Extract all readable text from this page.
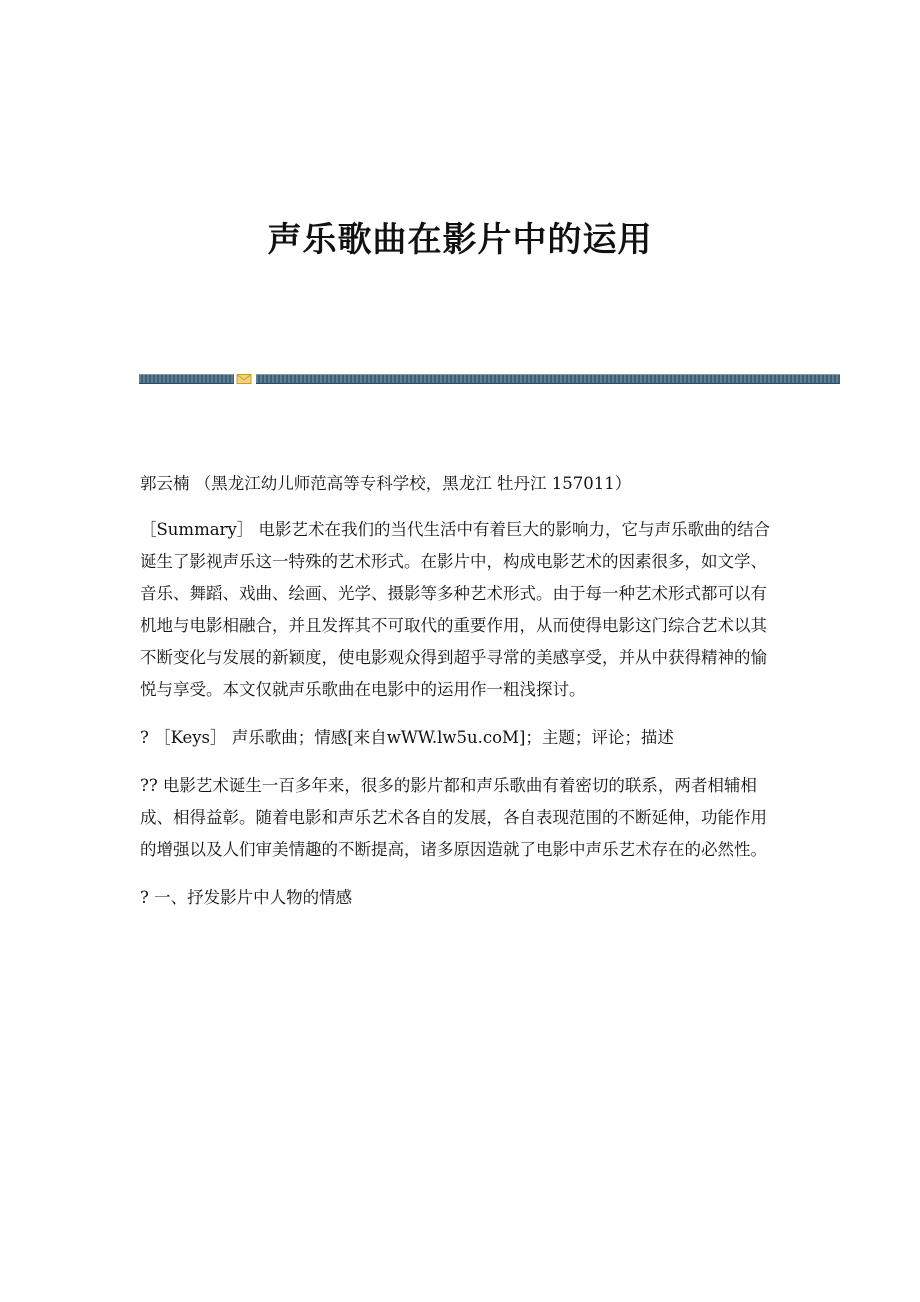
声乐歌曲在影片中的运用

郭云楠 （黑龙江幼儿师范高等专科学校，黑龙江 牡丹江 157011）

［Summary］ 电影艺术在我们的当代生活中有着巨大的影响力，它与声乐歌曲的结合诞生了影视声乐这一特殊的艺术形式。在影片中，构成电影艺术的因素很多，如文学、音乐、舞蹈、戏曲、绘画、光学、摄影等多种艺术形式。由于每一种艺术形式都可以有机地与电影相融合，并且发挥其不可取代的重要作用，从而使得电影这门综合艺术以其不断变化与发展的新颖度，使电影观众得到超乎寻常的美感享受，并从中获得精神的愉悦与享受。本文仅就声乐歌曲在电影中的运用作一粗浅探讨。

? ［Keys］ 声乐歌曲；情感[来自wWW.lw5u.coM]；主题；评论；描述

?? 电影艺术诞生一百多年来，很多的影片都和声乐歌曲有着密切的联系，两者相辅相成、相得益彰。随着电影和声乐艺术各自的发展，各自表现范围的不断延伸，功能作用的增强以及人们审美情趣的不断提高，诸多原因造就了电影中声乐艺术存在的必然性。

? 一、抒发影片中人物的情感
